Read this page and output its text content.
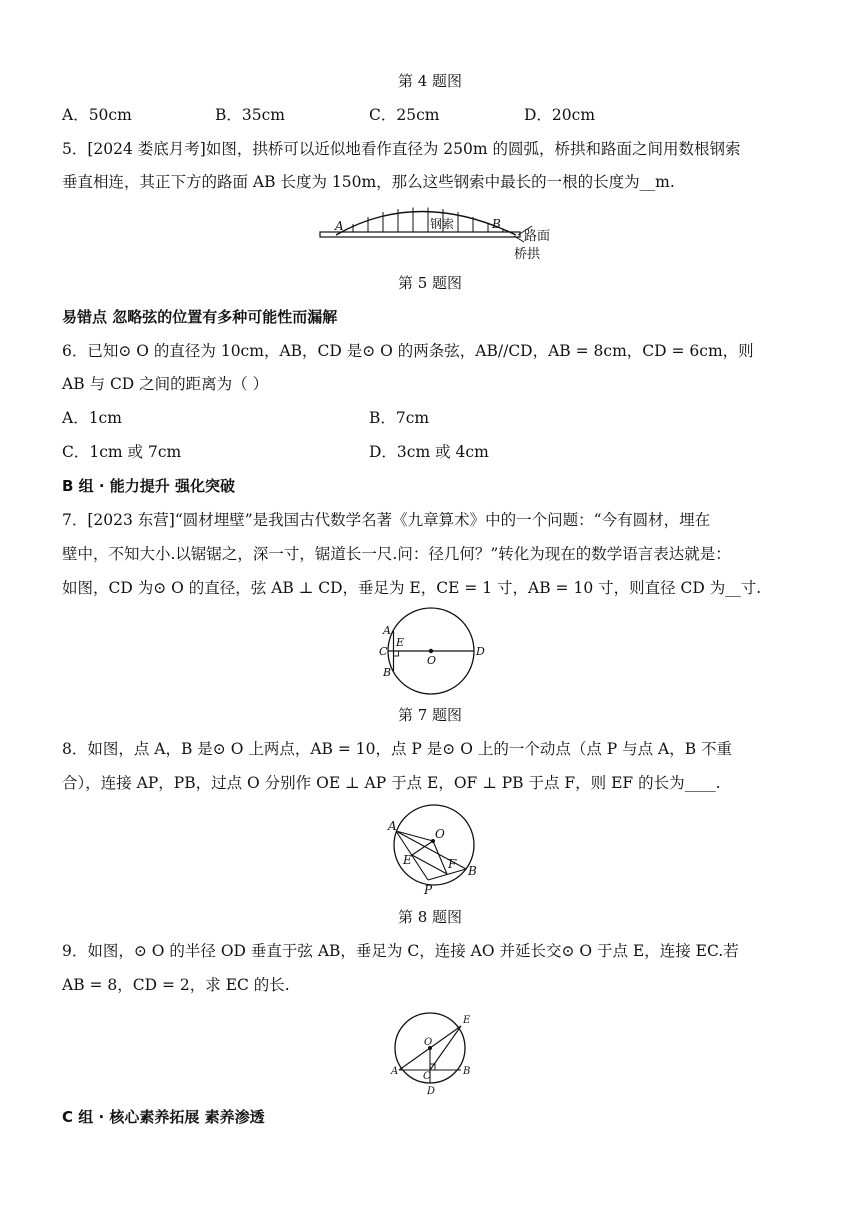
第 4 题图
A．50cm	B．35cm	C．25cm	D．20cm
5．[2024 娄底月考]如图，拱桥可以近似地看作直径为 250m 的圆弧，桥拱和路面之间用数根钢索
垂直相连，其正下方的路面 AB 长度为 150m，那么这些钢索中最长的一根的长度为__m.
A	B
钢索
路面
桥拱
第 5 题图
易错点 忽略弦的位置有多种可能性而漏解
6．已知⊙ O 的直径为 10cm，AB，CD 是⊙ O 的两条弦，AB//CD，AB = 8cm，CD = 6cm，则
AB 与 CD 之间的距离为（ ）
A．1cm	B．7cm
C．1cm 或 7cm	D．3cm 或 4cm
B 组 · 能力提升 强化突破
7．[2023 东营]“圆材埋壁”是我国古代数学名著《九章算术》中的一个问题：“今有圆材，埋在
壁中，不知大小.以锯锯之，深一寸，锯道长一尺.问：径几何？”转化为现在的数学语言表达就是：
如图，CD 为⊙ O 的直径，弦 AB ⊥ CD，垂足为 E，CE = 1 寸，AB = 10 寸，则直径 CD 为__寸.
A
E
C
B
O
D
第 7 题图
8．如图，点 A，B 是⊙ O 上两点，AB = 10，点 P 是⊙ O 上的一个动点（点 P 与点 A，B 不重
合），连接 AP，PB，过点 O 分别作 OE ⊥ AP 于点 E，OF ⊥ PB 于点 F，则 EF 的长为____.
A
O
E	F B
P
第 8 题图
9．如图，⊙ O 的半径 OD 垂直于弦 AB，垂足为 C，连接 AO 并延长交⊙ O 于点 E，连接 EC.若
AB = 8，CD = 2，求 EC 的长.
E
O
A C	B
D
C 组 · 核心素养拓展 素养渗透
